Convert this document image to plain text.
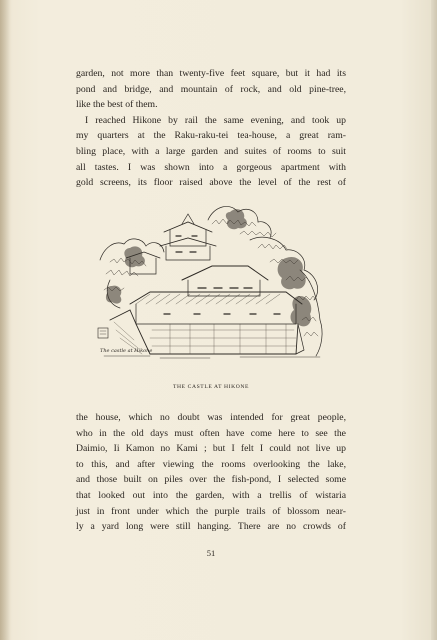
garden, not more than twenty-five feet square, but it had its
pond and bridge, and mountain of rock, and old pine-tree,
like the best of them.

I reached Hikone by rail the same evening, and took up
my quarters at the Raku-raku-tei tea-house, a great ram-
bling place, with a large garden and suites of rooms to suit
all tastes. I was shown into a gorgeous apartment with
gold screens, its floor raised above the level of the rest of

The castle at Hikone
THE CASTLE AT HIKONE

the house, which no doubt was intended for great people,
who in the old days must often have come here to see the
Daimio, Ii Kamon no Kami ; but I felt I could not live up
to this, and after viewing the rooms overlooking the lake,
and those built on piles over the fish-pond, I selected some
that looked out into the garden, with a trellis of wistaria
just in front under which the purple trails of blossom near-
ly a yard long were still hanging. There are no crowds of

51
